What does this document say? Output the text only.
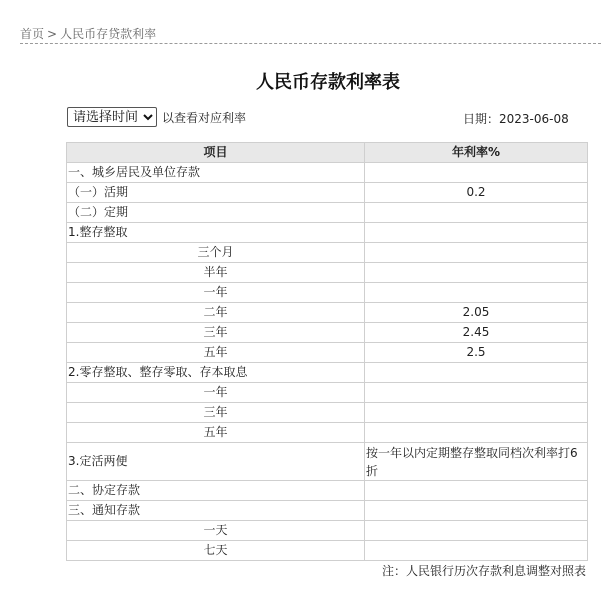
首页 > 人民币存贷款利率
人民币存款利率表
请选择时间
以查看对应利率	日期：2023-06-08
项目	年利率%
一、城乡居民及单位存款	
（一）活期	0.2
（二）定期	
1.整存整取	
三个月	
半年	
一年	
二年	2.05
三年	2.45
五年	2.5
2.零存整取、整存零取、存本取息	
一年	
三年	
五年	
3.定活两便	按一年以内定期整存整取同档次利率打6折
二、协定存款	
三、通知存款	
一天	
七天	
注：人民银行历次存款利息调整对照表
